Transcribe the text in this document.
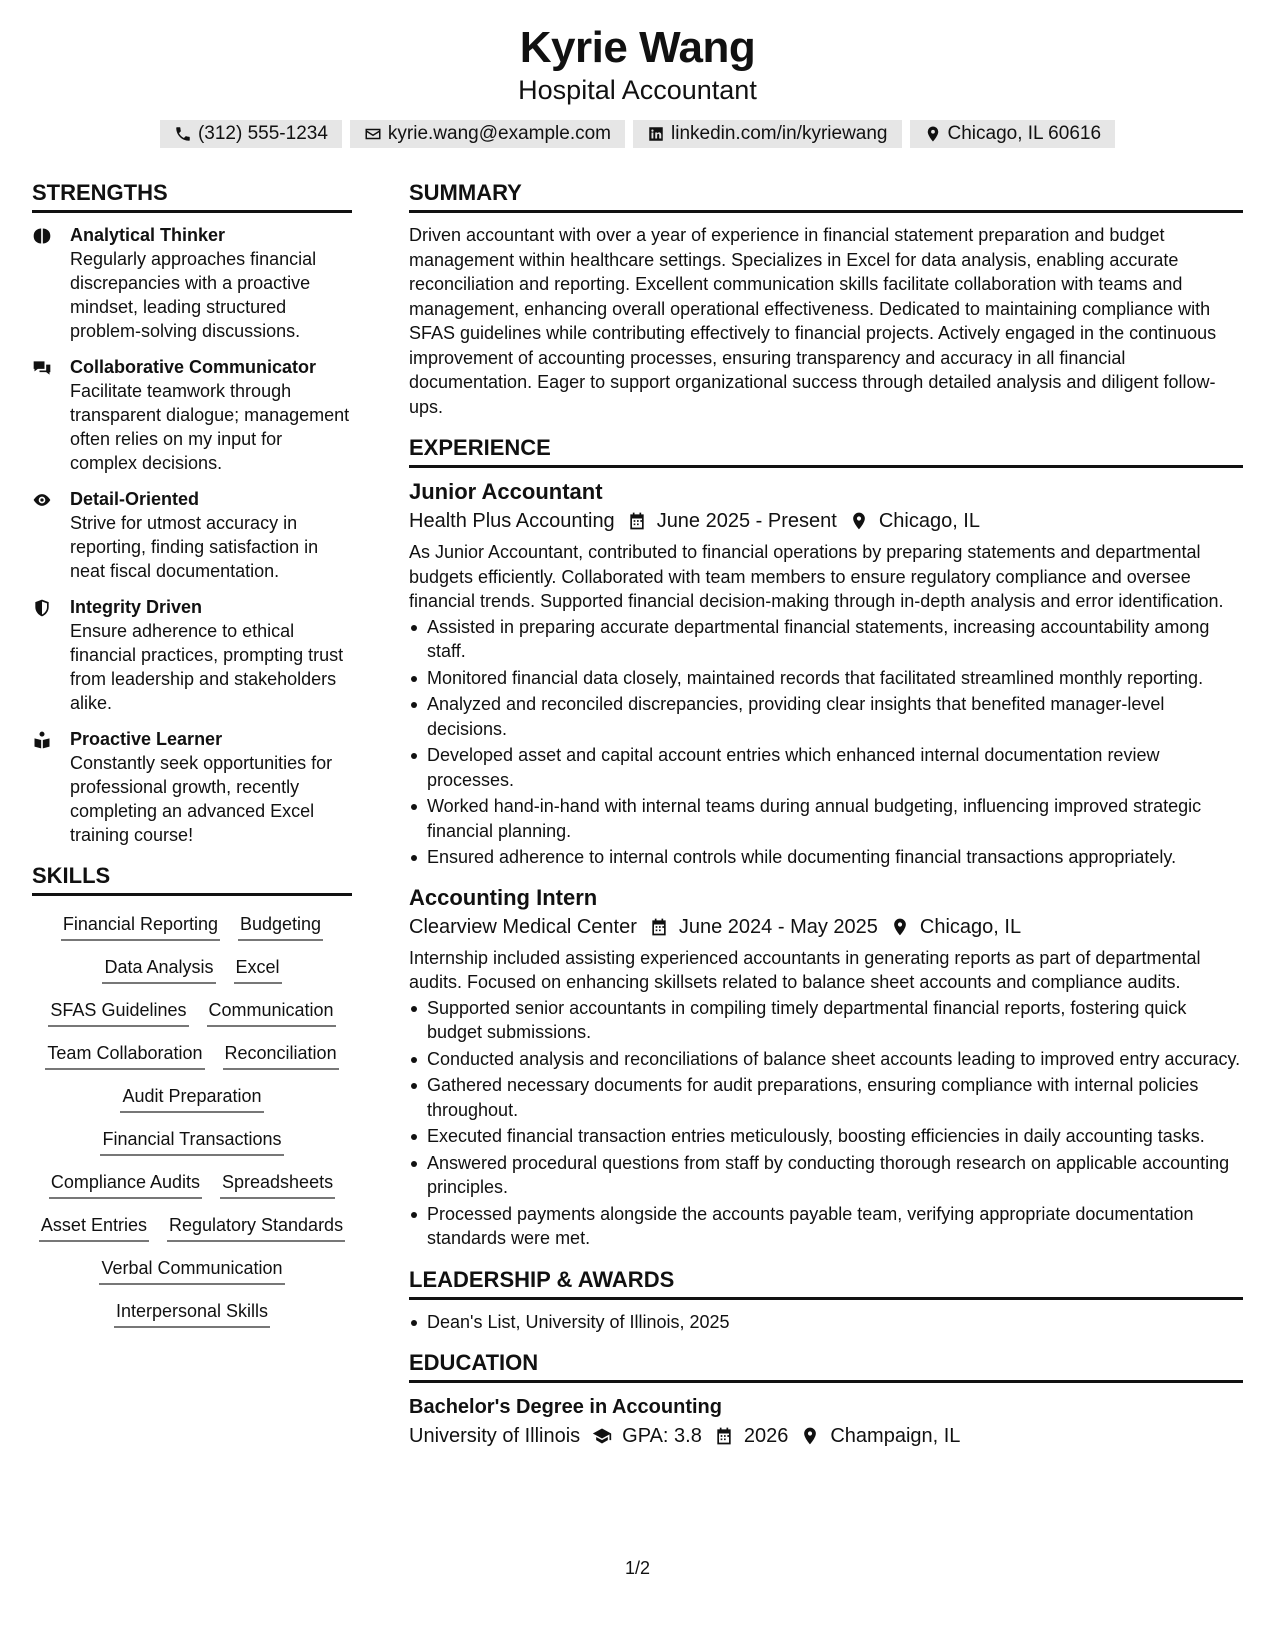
Kyrie Wang
Hospital Accountant
(312) 555-1234	kyrie.wang@example.com	linkedin.com/in/kyriewang	Chicago, IL 60616
STRENGTHS
Analytical Thinker
Regularly approaches financial discrepancies with a proactive mindset, leading structured problem-solving discussions.
Collaborative Communicator
Facilitate teamwork through transparent dialogue; management often relies on my input for complex decisions.
Detail-Oriented
Strive for utmost accuracy in reporting, finding satisfaction in neat fiscal documentation.
Integrity Driven
Ensure adherence to ethical financial practices, prompting trust from leadership and stakeholders alike.
Proactive Learner
Constantly seek opportunities for professional growth, recently completing an advanced Excel training course!
SKILLS
Financial Reporting Budgeting
Data Analysis Excel
SFAS Guidelines Communication
Team Collaboration Reconciliation
Audit Preparation
Financial Transactions
Compliance Audits Spreadsheets
Asset Entries Regulatory Standards
Verbal Communication
Interpersonal Skills
SUMMARY
Driven accountant with over a year of experience in financial statement preparation and budget management within healthcare settings. Specializes in Excel for data analysis, enabling accurate reconciliation and reporting. Excellent communication skills facilitate collaboration with teams and management, enhancing overall operational effectiveness. Dedicated to maintaining compliance with SFAS guidelines while contributing effectively to financial projects. Actively engaged in the continuous improvement of accounting processes, ensuring transparency and accuracy in all financial documentation. Eager to support organizational success through detailed analysis and diligent follow-ups.
EXPERIENCE
Junior Accountant
Health Plus Accounting June 2025 - Present Chicago, IL
As Junior Accountant, contributed to financial operations by preparing statements and departmental budgets efficiently. Collaborated with team members to ensure regulatory compliance and oversee financial trends. Supported financial decision-making through in-depth analysis and error identification.
Assisted in preparing accurate departmental financial statements, increasing accountability among staff.
Monitored financial data closely, maintained records that facilitated streamlined monthly reporting.
Analyzed and reconciled discrepancies, providing clear insights that benefited manager-level decisions.
Developed asset and capital account entries which enhanced internal documentation review processes.
Worked hand-in-hand with internal teams during annual budgeting, influencing improved strategic financial planning.
Ensured adherence to internal controls while documenting financial transactions appropriately.
Accounting Intern
Clearview Medical Center June 2024 - May 2025 Chicago, IL
Internship included assisting experienced accountants in generating reports as part of departmental audits. Focused on enhancing skillsets related to balance sheet accounts and compliance audits.
Supported senior accountants in compiling timely departmental financial reports, fostering quick budget submissions.
Conducted analysis and reconciliations of balance sheet accounts leading to improved entry accuracy.
Gathered necessary documents for audit preparations, ensuring compliance with internal policies throughout.
Executed financial transaction entries meticulously, boosting efficiencies in daily accounting tasks.
Answered procedural questions from staff by conducting thorough research on applicable accounting principles.
Processed payments alongside the accounts payable team, verifying appropriate documentation standards were met.
LEADERSHIP & AWARDS
Dean's List, University of Illinois, 2025
EDUCATION
Bachelor's Degree in Accounting
University of Illinois GPA: 3.8 2026 Champaign, IL
1/2
